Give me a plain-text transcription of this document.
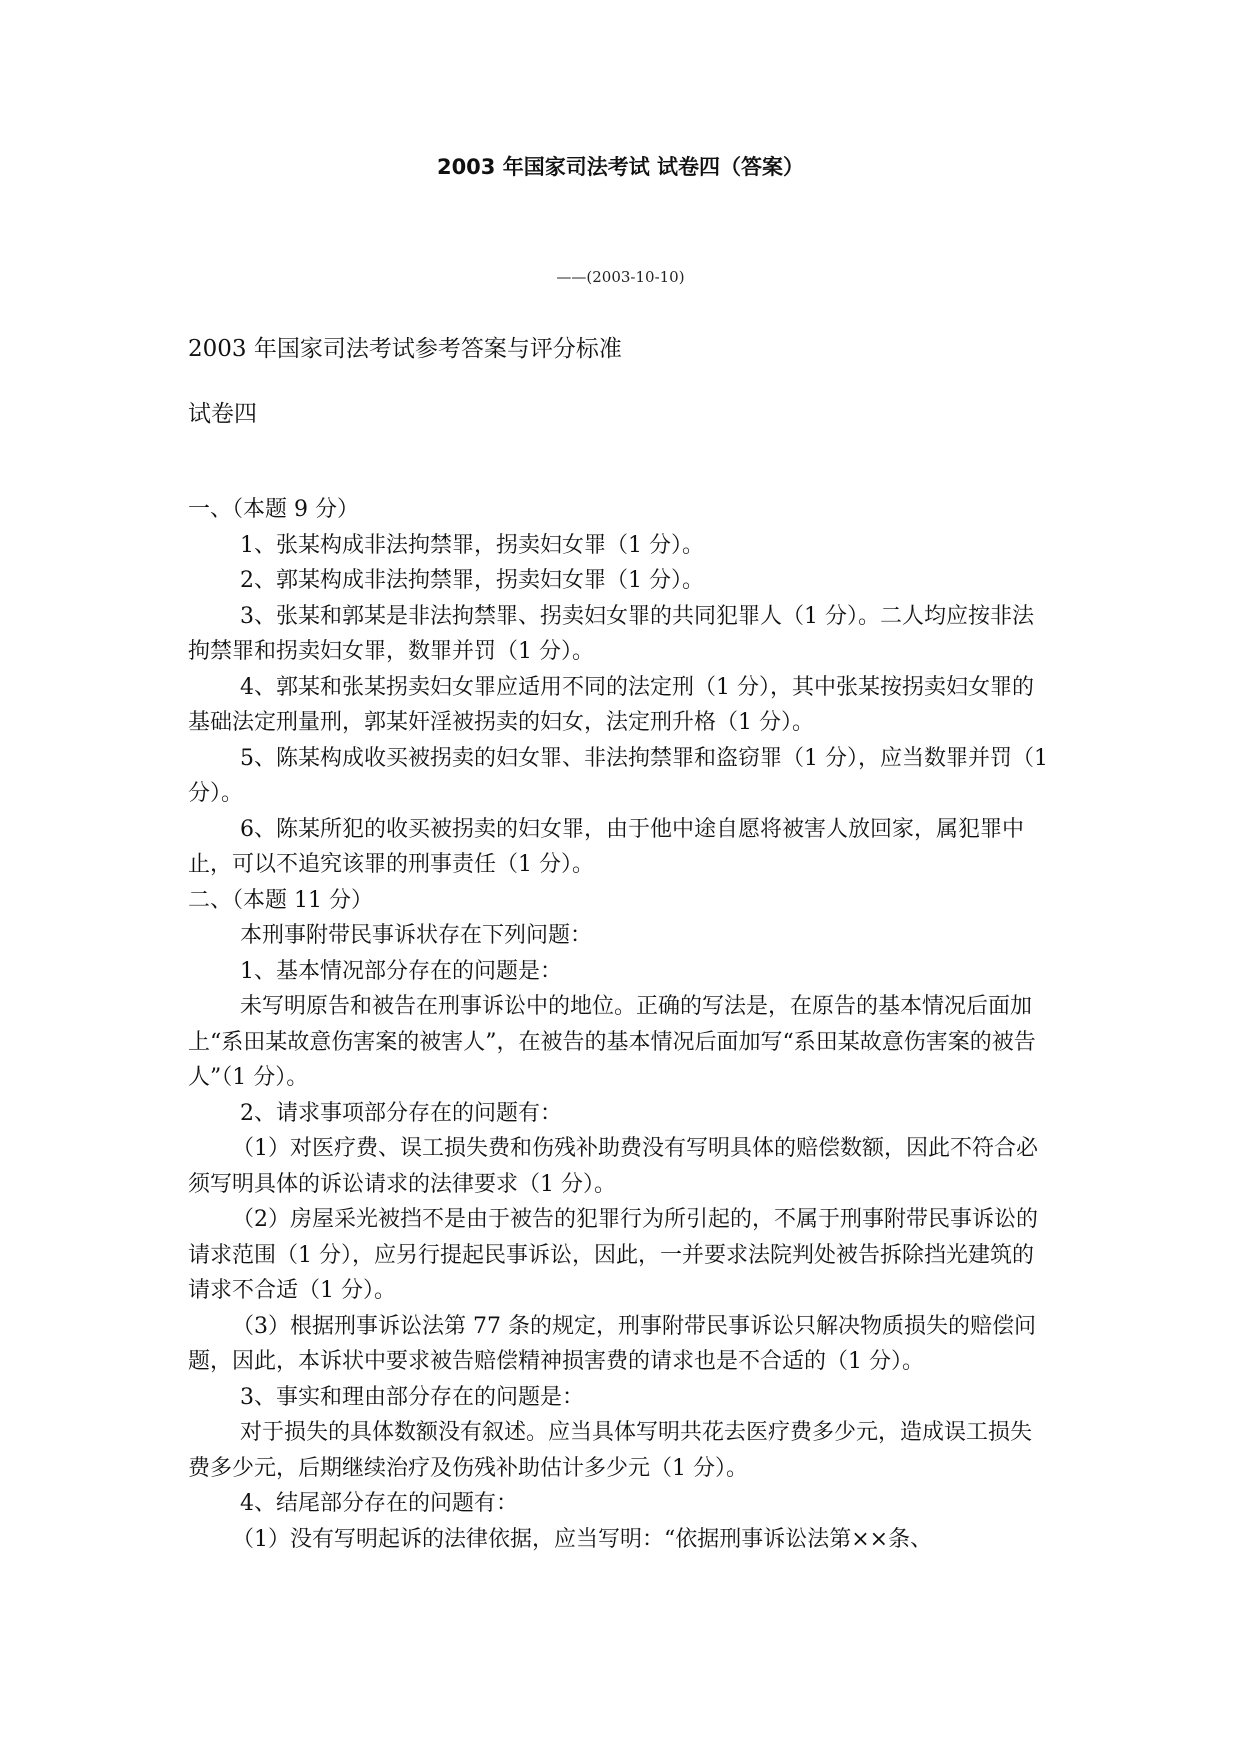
2003 年国家司法考试 试卷四（答案）
——(2003-10-10)
2003 年国家司法考试参考答案与评分标准
试卷四

一、（本题 9 分）

1、张某构成非法拘禁罪，拐卖妇女罪（1 分）。

2、郭某构成非法拘禁罪，拐卖妇女罪（1 分）。

3、张某和郭某是非法拘禁罪、拐卖妇女罪的共同犯罪人（1 分）。二人均应按非法拘禁罪和拐卖妇女罪，数罪并罚（1 分）。

4、郭某和张某拐卖妇女罪应适用不同的法定刑（1 分），其中张某按拐卖妇女罪的基础法定刑量刑，郭某奸淫被拐卖的妇女，法定刑升格（1 分）。

5、陈某构成收买被拐卖的妇女罪、非法拘禁罪和盗窃罪（1 分），应当数罪并罚（1 分）。

6、陈某所犯的收买被拐卖的妇女罪，由于他中途自愿将被害人放回家，属犯罪中止，可以不追究该罪的刑事责任（1 分）。

二、（本题 11 分）

本刑事附带民事诉状存在下列问题：

1、基本情况部分存在的问题是：

未写明原告和被告在刑事诉讼中的地位。正确的写法是，在原告的基本情况后面加上“系田某故意伤害案的被害人”，在被告的基本情况后面加写“系田某故意伤害案的被告人”（1 分）。

2、请求事项部分存在的问题有：

（1）对医疗费、误工损失费和伤残补助费没有写明具体的赔偿数额，因此不符合必须写明具体的诉讼请求的法律要求（1 分）。

（2）房屋采光被挡不是由于被告的犯罪行为所引起的，不属于刑事附带民事诉讼的请求范围（1 分），应另行提起民事诉讼，因此，一并要求法院判处被告拆除挡光建筑的请求不合适（1 分）。

（3）根据刑事诉讼法第 77 条的规定，刑事附带民事诉讼只解决物质损失的赔偿问题，因此，本诉状中要求被告赔偿精神损害费的请求也是不合适的（1 分）。

3、事实和理由部分存在的问题是：

对于损失的具体数额没有叙述。应当具体写明共花去医疗费多少元，造成误工损失费多少元，后期继续治疗及伤残补助估计多少元（1 分）。

4、结尾部分存在的问题有：

（1）没有写明起诉的法律依据，应当写明：“依据刑事诉讼法第××条、
